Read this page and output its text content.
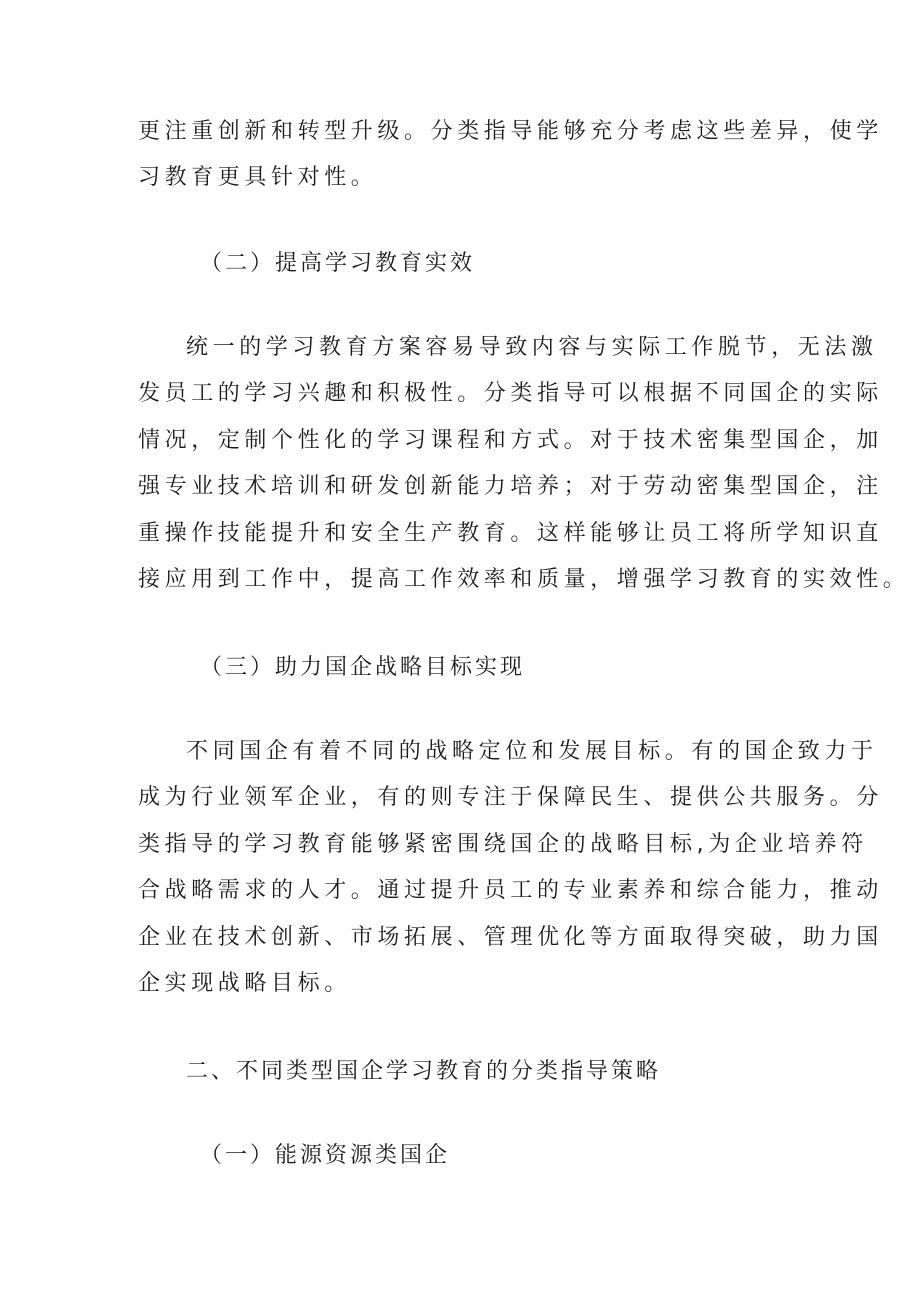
更注重创新和转型升级。分类指导能够充分考虑这些差异，使学
习教育更具针对性。
（二）提高学习教育实效
统一的学习教育方案容易导致内容与实际工作脱节，无法激
发员工的学习兴趣和积极性。分类指导可以根据不同国企的实际
情况，定制个性化的学习课程和方式。对于技术密集型国企，加
强专业技术培训和研发创新能力培养；对于劳动密集型国企，注
重操作技能提升和安全生产教育。这样能够让员工将所学知识直
接应用到工作中，提高工作效率和质量，增强学习教育的实效性。
（三）助力国企战略目标实现
不同国企有着不同的战略定位和发展目标。有的国企致力于
成为行业领军企业，有的则专注于保障民生、提供公共服务。分
类指导的学习教育能够紧密围绕国企的战略目标,为企业培养符
合战略需求的人才。通过提升员工的专业素养和综合能力，推动
企业在技术创新、市场拓展、管理优化等方面取得突破，助力国
企实现战略目标。
二、不同类型国企学习教育的分类指导策略
（一）能源资源类国企
